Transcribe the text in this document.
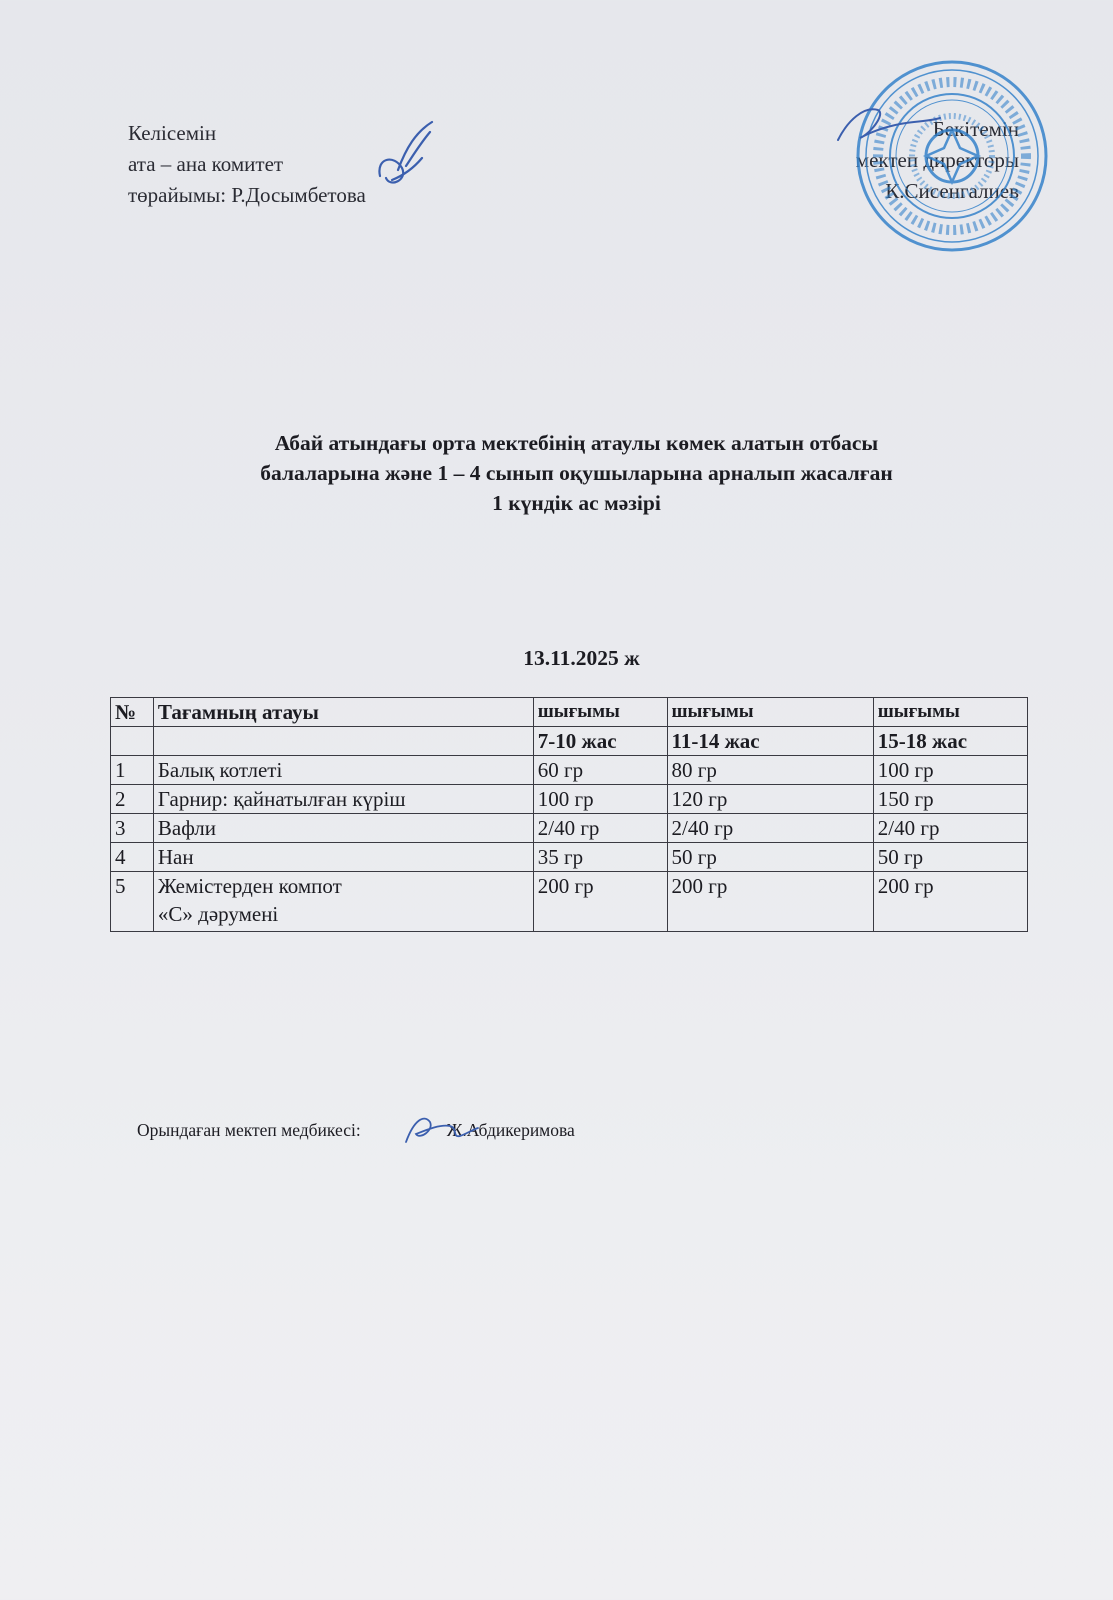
Келісемін
ата – ана комитет
төрайымы: Р.Досымбетова
Бекітемін
мектеп директоры
К.Сисенгалиев
Абай атындағы орта мектебінің атаулы көмек алатын отбасы
балаларына және 1 – 4 сынып оқушыларына арналып жасалған
1 күндік ас мәзірі
13.11.2025 ж
№	Тағамның атауы	шығымы	шығымы	шығымы
		7-10 жас	11-14 жас	15-18 жас
1	Балық котлеті	60 гр	80 гр	100 гр
2	Гарнир: қайнатылған күріш	100 гр	120 гр	150 гр
3	Вафли	2/40 гр	2/40 гр	2/40 гр
4	Нан	35 гр	50 гр	50 гр
5	Жемістерден компот
«С» дәрумені	200 гр	200 гр	200 гр
Орындаған мектеп медбикесі:	Ж.Абдикеримова
